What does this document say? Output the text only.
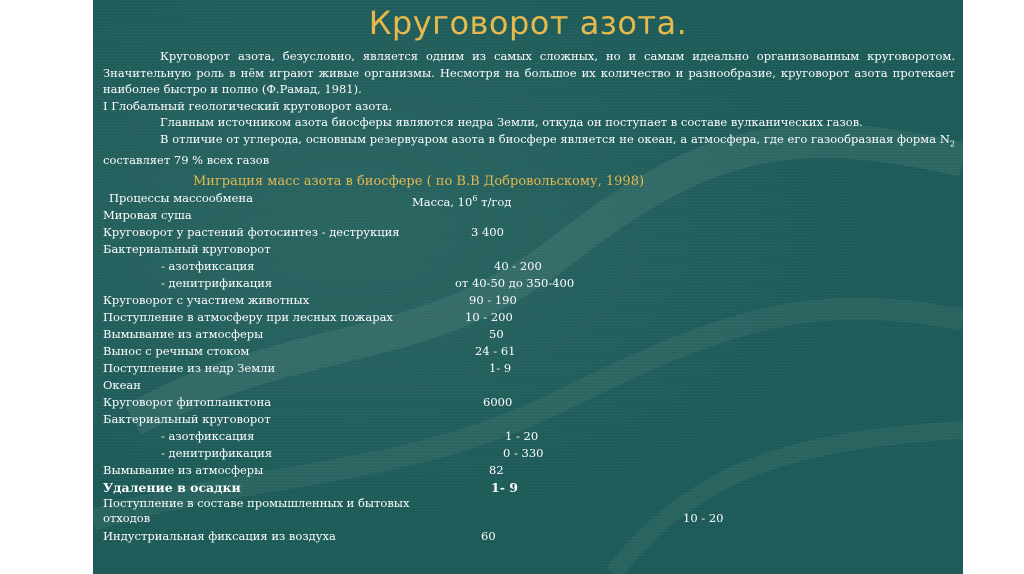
Круговорот азота.

Круговорот азота, безусловно, является одним из самых сложных, но и самым идеально организованным круговоротом. Значительную роль в нём играют живые организмы. Несмотря на большое их количество и разнообразие, круговорот азота протекает наиболее быстро и полно (Ф.Рамад, 1981).

I Глобальный геологический круговорот азота.

Главным источником азота биосферы являются недра Земли, откуда он поступает в составе вулканических газов.

В отличие от углерода, основным резервуаром азота в биосфере является не океан, а атмосфера, где его газообразная форма $N_2$ составляет 79 % всех газов

Миграция масс азота в биосфере ( по В.В Добровольскому, 1998)
Процессы массообмена	Масса, $10^6$ т/год
Мировая суша
Круговорот у растений фотосинтез - деструкция	3 400
Бактериальный круговорот
- азотфиксация	40 - 200
- денитрификация	от 40-50 до 350-400
Круговорот с участием животных	90 - 190
Поступление в атмосферу при лесных пожарах	10 - 200
Вымывание из атмосферы	50
Вынос с речным стоком	24 - 61
Поступление из недр Земли	1- 9
Океан
Круговорот фитопланктона	6000
Бактериальный круговорот
- азотфиксация	1 - 20
- денитрификация	0 - 330
Вымывание из атмосферы	82
Удаление в осадки	1- 9
Поступление в составе промышленных и бытовых отходов	10 - 20
Индустриальная фиксация из воздуха	60
